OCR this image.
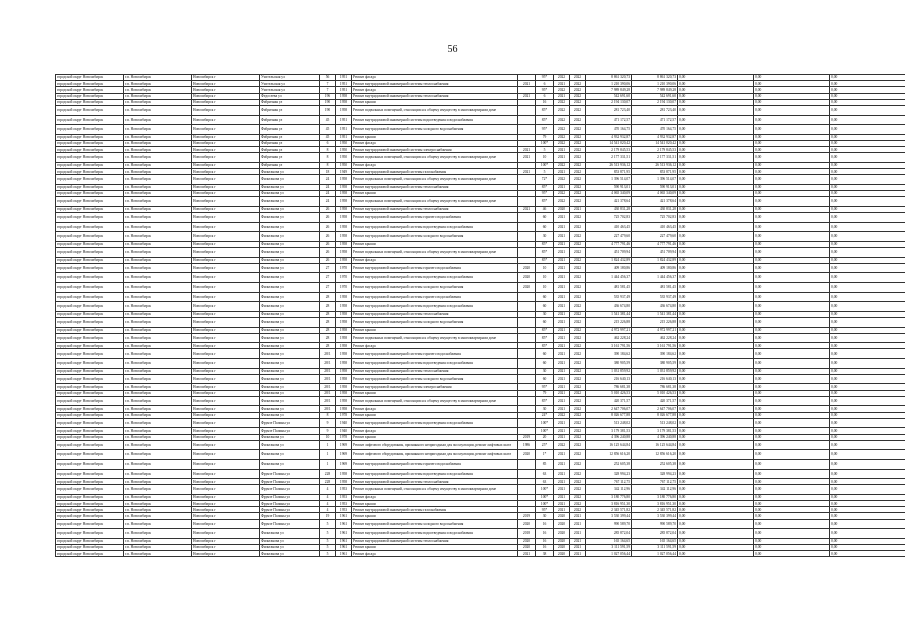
56
городской округ Новосибирск	г.п. Новосибирск	Новосибирск г	Учительская ул	56	1951	Ремонт фасада		95*	2022	2022	8 861 320,73	8 861 320,73	0,00	0,00	0,00
городской округ Новосибирск	г.п. Новосибирск	Новосибирск г	Учительская ул	7	1951	Ремонт внутридомовой инженерной системы теплоснабжения	2021	6	2021	2022	1 210 390,06	1 210 390,06	0,00	0,00	0,00
городской округ Новосибирск	г.п. Новосибирск	Новосибирск г	Учительская ул	7	1951	Ремонт фасада		95*	2022	2022	7 989 849,28	7 989 849,28	0,00	0,00	0,00
городской округ Новосибирск	г.п. Новосибирск	Новосибирск г	Федосеева ул	196	1958	Ремонт внутридомовой инженерной системы теплоснабжения	2021	6	2021	2022	542 691,60	542 691,60	0,00	0,00	0,00
городской округ Новосибирск	г.п. Новосибирск	Новосибирск г	Фабричная ул	190	1958	Ремонт крыши		16	2022	2022	2 194 130,07	2 194 130,07	0,00	0,00	0,00
городской округ Новосибирск	г.п. Новосибирск	Новосибирск г	Фабричная ул	190	1958	Ремонт подвальных помещений, относящихся к общему имуществу в многоквартирном доме		85*	2022	2022	281 723,40	281 723,40	0,00	0,00	0,00
городской округ Новосибирск	г.п. Новосибирск	Новосибирск г	Фабричная ул	45	1951	Ремонт внутридомовой инженерной системы водоотведения и водоснабжения		85*	2022	2022	471 172,57	471 172,57	0,00	0,00	0,00
городской округ Новосибирск	г.п. Новосибирск	Новосибирск г	Фабричная ул	45	1951	Ремонт внутридомовой инженерной системы холодного водоснабжения		95*	2022	2022	470 164,75	470 164,75	0,00	0,00	0,00
городской округ Новосибирск	г.п. Новосибирск	Новосибирск г	Фабричная ул	45	1951	Ремонт крыши		79	2022	2022	4 932 932,87	4 932 932,87	0,00	0,00	0,00
городской округ Новосибирск	г.п. Новосибирск	Новосибирск г	Фабричная ул	6	1950	Ремонт фасада		100*	2022	2022	14 541 020,42	14 541 020,42	0,00	0,00	0,00
городской округ Новосибирск	г.п. Новосибирск	Новосибирск г	Фабричная ул	8	1950	Ремонт внутридомовой инженерной системы электроснабжения	2021	5	2021	2022	2 179 845,53	2 179 845,53	0,00	0,00	0,00
городской округ Новосибирск	г.п. Новосибирск	Новосибирск г	Фабричная ул	8	1950	Ремонт подвальных помещений, относящихся к общему имуществу в многоквартирном доме	2021	10	2021	2022	2 177 331,51	2 177 331,51	0,00	0,00	0,00
городской округ Новосибирск	г.п. Новосибирск	Новосибирск г	Фабричная ул	8	1950	Ремонт фасада		100*	2022	2022	26 513 936,12	26 513 936,12	0,00	0,00	0,00
городской округ Новосибирск	г.п. Новосибирск	Новосибирск г	Фильтанова ул	18	1949	Ремонт внутридомовой инженерной системы газоснабжения	2021	5	2021	2022	853 871,95	853 871,95	0,00	0,00	0,00
городской округ Новосибирск	г.п. Новосибирск	Новосибирск г	Фильтанова ул	24	1958	Ремонт подвальных помещений, относящихся к общему имуществу в многоквартирном доме		72*	2022	2022	1 396 514,07	1 396 514,07	0,00	0,00	0,00
городской округ Новосибирск	г.п. Новосибирск	Новосибирск г	Фильтанова ул	24	1958	Ремонт внутридомовой инженерной системы теплоснабжения		85*	2021	2022	590 913,01	590 913,01	0,00	0,00	0,00
городской округ Новосибирск	г.п. Новосибирск	Новосибирск г	Фильтанова ул	24	1958	Ремонт крыши		95*	2022	2022	4 065 340,09	4 065 340,09	0,00	0,00	0,00
городской округ Новосибирск	г.п. Новосибирск	Новосибирск г	Фильтанова ул	24	1958	Ремонт подвальных помещений, относящихся к общему имуществу в многоквартирном доме		85*	2022	2022	421 378,64	421 378,64	0,00	0,00	0,00
городской округ Новосибирск	г.п. Новосибирск	Новосибирск г	Фильтанова ул	26	1958	Ремонт внутридомовой инженерной системы теплоснабжения	2021	46	2020	2021	430 831,28	430 831,28	0,00	0,00	0,00
городской округ Новосибирск	г.п. Новосибирск	Новосибирск г	Фильтанова ул	26	1958	Ремонт внутридомовой инженерной системы горячего водоснабжения		60	2021	2022	725 702,83	725 702,83	0,00	0,00	0,00
городской округ Новосибирск	г.п. Новосибирск	Новосибирск г	Фильтанова ул	26	1958	Ремонт внутридомовой инженерной системы водоотведения и водоснабжения		60	2021	2022	410 463,45	410 463,45	0,00	0,00	0,00
городской округ Новосибирск	г.п. Новосибирск	Новосибирск г	Фильтанова ул	26	1958	Ремонт внутридомовой инженерной системы холодного водоснабжения		30	2021	2022	227 479,60	227 479,60	0,00	0,00	0,00
городской округ Новосибирск	г.п. Новосибирск	Новосибирск г	Фильтанова ул	26	1958	Ремонт крыши		85*	2021	2022	4 777 791,46	4 777 791,46	0,00	0,00	0,00
городской округ Новосибирск	г.п. Новосибирск	Новосибирск г	Фильтанова ул	26	1958	Ремонт подвальных помещений, относящихся к общему имуществу в многоквартирном доме		85*	2021	2022	451 709,94	451 709,94	0,00	0,00	0,00
городской округ Новосибирск	г.п. Новосибирск	Новосибирск г	Фильтанова ул	26	1958	Ремонт фасада		85*	2021	2022	1 824 432,89	1 824 432,89	0,00	0,00	0,00
городской округ Новосибирск	г.п. Новосибирск	Новосибирск г	Фильтанова ул	27	1970	Ремонт внутридомовой инженерной системы горячего водоснабжения	2020	10	2021	2022	409 180,86	409 180,86	0,00	0,00	0,00
городской округ Новосибирск	г.п. Новосибирск	Новосибирск г	Фильтанова ул	27	1970	Ремонт внутридомовой инженерной системы водоотведения и водоснабжения	2020	10	2021	2022	1 444 456,37	1 444 456,37	0,00	0,00	0,00
городской округ Новосибирск	г.п. Новосибирск	Новосибирск г	Фильтанова ул	27	1970	Ремонт внутридомовой инженерной системы холодного водоснабжения	2020	10	2021	2022	481 581,45	481 581,45	0,00	0,00	0,00
городской округ Новосибирск	г.п. Новосибирск	Новосибирск г	Фильтанова ул	28	1958	Ремонт внутридомовой инженерной системы горячего водоснабжения		60	2021	2022	535 937,49	535 937,49	0,00	0,00	0,00
городской округ Новосибирск	г.п. Новосибирск	Новосибирск г	Фильтанова ул	28	1958	Ремонт внутридомовой инженерной системы водоотведения и водоснабжения		60	2021	2022	436 674,80	436 674,80	0,00	0,00	0,00
городской округ Новосибирск	г.п. Новосибирск	Новосибирск г	Фильтанова ул	28	1958	Ремонт внутридомовой инженерной системы теплоснабжения		30	2021	2022	1 541 381,44	1 541 381,44	0,00	0,00	0,00
городской округ Новосибирск	г.п. Новосибирск	Новосибирск г	Фильтанова ул	28	1958	Ремонт внутридомовой инженерной системы холодного водоснабжения		60	2021	2022	215 226,88	215 226,88	0,00	0,00	0,00
городской округ Новосибирск	г.п. Новосибирск	Новосибирск г	Фильтанова ул	28	1958	Ремонт крыши		85*	2021	2022	4 972 997,21	4 972 997,21	0,00	0,00	0,00
городской округ Новосибирск	г.п. Новосибирск	Новосибирск г	Фильтанова ул	28	1958	Ремонт подвальных помещений, относящихся к общему имуществу в многоквартирном доме		85*	2021	2022	462 228,24	462 228,24	0,00	0,00	0,00
городской округ Новосибирск	г.п. Новосибирск	Новосибирск г	Фильтанова ул	28	1958	Ремонт фасада		85*	2021	2022	3 161 791,56	3 161 791,56	0,00	0,00	0,00
городской округ Новосибирск	г.п. Новосибирск	Новосибирск г	Фильтанова ул	28/1	1958	Ремонт внутридомовой инженерной системы горячего водоснабжения		60	2021	2022	390 184,62	390 184,62	0,00	0,00	0,00
городской округ Новосибирск	г.п. Новосибирск	Новосибирск г	Фильтанова ул	28/1	1958	Ремонт внутридомовой инженерной системы водоотведения и водоснабжения		60	2021	2022	380 905,59	380 905,59	0,00	0,00	0,00
городской округ Новосибирск	г.п. Новосибирск	Новосибирск г	Фильтанова ул	28/1	1958	Ремонт внутридомовой инженерной системы теплоснабжения		30	2021	2022	1 031 859,92	1 031 859,92	0,00	0,00	0,00
городской округ Новосибирск	г.п. Новосибирск	Новосибирск г	Фильтанова ул	28/1	1958	Ремонт внутридомовой инженерной системы холодного водоснабжения		60	2021	2022	216 640,13	216 640,13	0,00	0,00	0,00
городской округ Новосибирск	г.п. Новосибирск	Новосибирск г	Фильтанова ул	28/1	1958	Ремонт внутридомовой инженерной системы электроснабжения		95*	2021	2022	786 681,38	786 681,38	0,00	0,00	0,00
городской округ Новосибирск	г.п. Новосибирск	Новосибирск г	Фильтанова ул	28/1	1958	Ремонт крыши		79	2021	2022	5 010 426,53	5 010 426,53	0,00	0,00	0,00
городской округ Новосибирск	г.п. Новосибирск	Новосибирск г	Фильтанова ул	28/1	1958	Ремонт подвальных помещений, относящихся к общему имуществу в многоквартирном доме		85*	2021	2022	420 371,57	420 371,57	0,00	0,00	0,00
городской округ Новосибирск	г.п. Новосибирск	Новосибирск г	Фильтанова ул	28/1	1958	Ремонт фасада		30	2021	2022	2 647 706,07	2 647 706,07	0,00	0,00	0,00
городской округ Новосибирск	г.п. Новосибирск	Новосибирск г	Фильтанова ул	8	1978	Ремонт крыши		24*	2022	2022	8 026 677,88	8 026 677,88	0,00	0,00	0,00
городской округ Новосибирск	г.п. Новосибирск	Новосибирск г	Фрунзе Полины ул	9	1940	Ремонт внутридомовой инженерной системы водоотведения и водоснабжения		100*	2021	2022	513 248,02	513 248,02	0,00	0,00	0,00
городской округ Новосибирск	г.п. Новосибирск	Новосибирск г	Фрунзе Полины ул	9	1940	Ремонт фасада		100*	2021	2022	3 179 381,53	3 179 381,53	0,00	0,00	0,00
городской округ Новосибирск	г.п. Новосибирск	Новосибирск г	Фильтанова ул	10	1978	Ремонт крыши	2019	20	2021	2022	4 396 240,88	4 396 240,88	0,00	0,00	0,00
городской округ Новосибирск	г.п. Новосибирск	Новосибирск г	Фильтанова ул	1	1969	Ремонт лифтового оборудования, признанного непригодным для эксплуатации, ремонт лифтовых шахт	1986	25*	2022	2022	16 125 644,84	16 125 644,84	0,00	0,00	0,00
городской округ Новосибирск	г.п. Новосибирск	Новосибирск г	Фильтанова ул	1	1969	Ремонт лифтового оборудования, признанного непригодным для эксплуатации, ремонт лифтовых шахт	2020	1*	2021	2022	12 856 616,20	12 856 616,20	0,00	0,00	0,00
городской округ Новосибирск	г.п. Новосибирск	Новосибирск г	Фильтанова ул	1	1969	Ремонт внутридомовой инженерной системы горячего водоснабжения		85	2021	2022	252 605,38	252 605,38	0,00	0,00	0,00
городской округ Новосибирск	г.п. Новосибирск	Новосибирск г	Фрунзе Полины ул	228	1958	Ремонт внутридомовой инженерной системы водоотведения и водоснабжения		63	2021	2022	328 994,23	328 994,23	0,00	0,00	0,00
городской округ Новосибирск	г.п. Новосибирск	Новосибирск г	Фрунзе Полины ул	228	1958	Ремонт внутридомовой инженерной системы теплоснабжения		63	2021	2022	767 112,75	767 112,75	0,00	0,00	0,00
городской округ Новосибирск	г.п. Новосибирск	Новосибирск г	Фрунзе Полины ул	4	1953	Ремонт подвальных помещений, относящихся к общему имуществу в многоквартирном доме		100*	2021	2022	342 112,96	342 112,96	0,00	0,00	0,00
городской округ Новосибирск	г.п. Новосибирск	Новосибирск г	Фрунзе Полины ул	4	1953	Ремонт фасада		100*	2021	2022	3 180 776,80	3 180 776,80	0,00	0,00	0,00
городской округ Новосибирск	г.п. Новосибирск	Новосибирск г	Фрунзе Полины ул	4	1953	Ремонт крыши		100*	2021	2022	3 816 951,30	3 816 951,30	0,00	0,00	0,00
городской округ Новосибирск	г.п. Новосибирск	Новосибирск г	Фрунзе Полины ул	4	1953	Ремонт внутридомовой инженерной системы газоснабжения		95*	2021	2022	2 345 571,82	2 345 571,82	0,00	0,00	0,00
городской округ Новосибирск	г.п. Новосибирск	Новосибирск г	Фрунзе Полины ул	19	1961	Ремонт крыши	2019	30	2020	2021	3 530 399,44	3 530 399,44	0,00	0,00	0,00
городской округ Новосибирск	г.п. Новосибирск	Новосибирск г	Фрунзе Полины ул	5	1961	Ремонт внутридомовой инженерной системы холодного водоснабжения	2020	16	2020	2021	990 589,70	990 589,70	0,00	0,00	0,00
городской округ Новосибирск	г.п. Новосибирск	Новосибирск г	Фильтанова ул	5	1961	Ремонт внутридомовой инженерной системы водоотведения и водоснабжения	2018	16	2020	2021	285 872,04	285 872,04	0,00	0,00	0,00
городской округ Новосибирск	г.п. Новосибирск	Новосибирск г	Фильтанова ул	5	1961	Ремонт внутридомовой инженерной системы теплоснабжения	2020	16	2020	2021	165 164,65	165 164,65	0,00	0,00	0,00
городской округ Новосибирск	г.п. Новосибирск	Новосибирск г	Фильтанова ул	5	1961	Ремонт крыши	2020	16	2020	2021	3 111 591,59	3 111 591,59	0,00	0,00	0,00
городской округ Новосибирск	г.п. Новосибирск	Новосибирск г	Фильтанова ул	5	1961	Ремонт фасада	2021	38	2020	2021	1 027 056,44	1 027 056,44	0,00	0,00	0,00
